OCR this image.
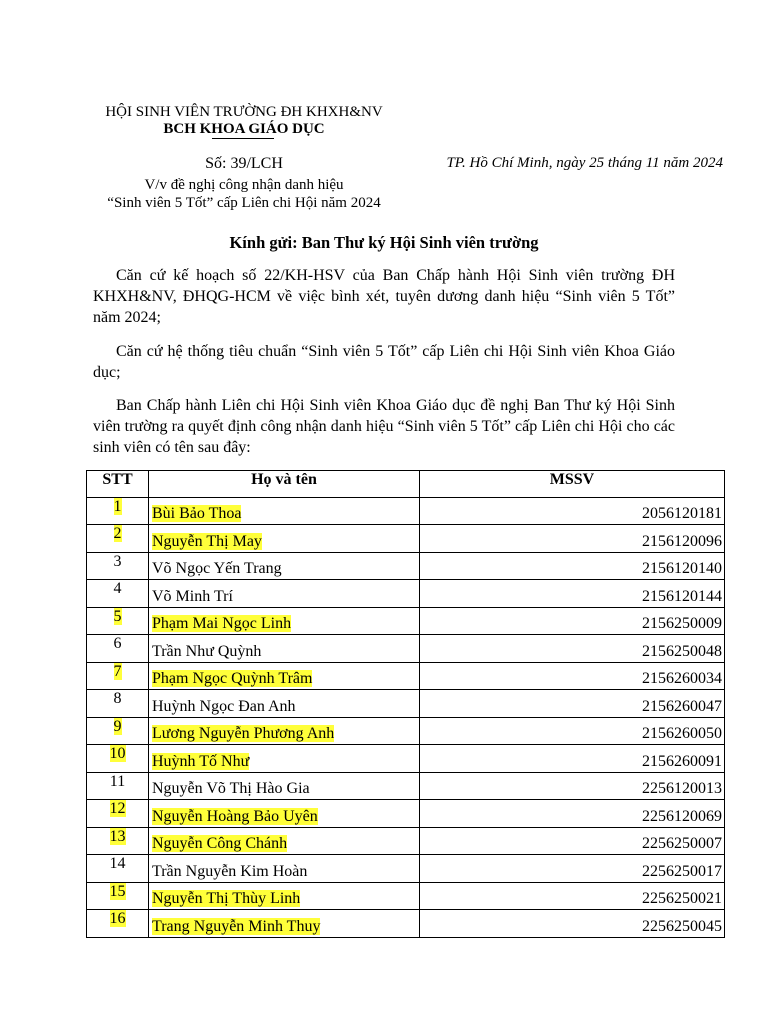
HỘI SINH VIÊN TRƯỜNG ĐH KHXH&NV
BCH KHOA GIÁO DỤC
Số: 39/LCH
V/v đề nghị công nhận danh hiệu
“Sinh viên 5 Tốt” cấp Liên chi Hội năm 2024
TP. Hồ Chí Minh, ngày 25 tháng 11 năm 2024
Kính gửi: Ban Thư ký Hội Sinh viên trường
Căn cứ kế hoạch số 22/KH-HSV của Ban Chấp hành Hội Sinh viên trường ĐH KHXH&NV, ĐHQG-HCM về việc bình xét, tuyên dương danh hiệu “Sinh viên 5 Tốt” năm 2024;
Căn cứ hệ thống tiêu chuẩn “Sinh viên 5 Tốt” cấp Liên chi Hội Sinh viên Khoa Giáo dục;
Ban Chấp hành Liên chi Hội Sinh viên Khoa Giáo dục đề nghị Ban Thư ký Hội Sinh viên trường ra quyết định công nhận danh hiệu “Sinh viên 5 Tốt” cấp Liên chi Hội cho các sinh viên có tên sau đây:
STT	Họ và tên	MSSV
1	Bùi Bảo Thoa	2056120181
2	Nguyễn Thị May	2156120096
3	Võ Ngọc Yến Trang	2156120140
4	Võ Minh Trí	2156120144
5	Phạm Mai Ngọc Linh	2156250009
6	Trần Như Quỳnh	2156250048
7	Phạm Ngọc Quỳnh Trâm	2156260034
8	Huỳnh Ngọc Đan Anh	2156260047
9	Lương Nguyễn Phương Anh	2156260050
10	Huỳnh Tố Như	2156260091
11	Nguyễn Võ Thị Hào Gia	2256120013
12	Nguyễn Hoàng Bảo Uyên	2256120069
13	Nguyễn Công Chánh	2256250007
14	Trần Nguyễn Kim Hoàn	2256250017
15	Nguyễn Thị Thùy Linh	2256250021
16	Trang Nguyễn Minh Thuy	2256250045
